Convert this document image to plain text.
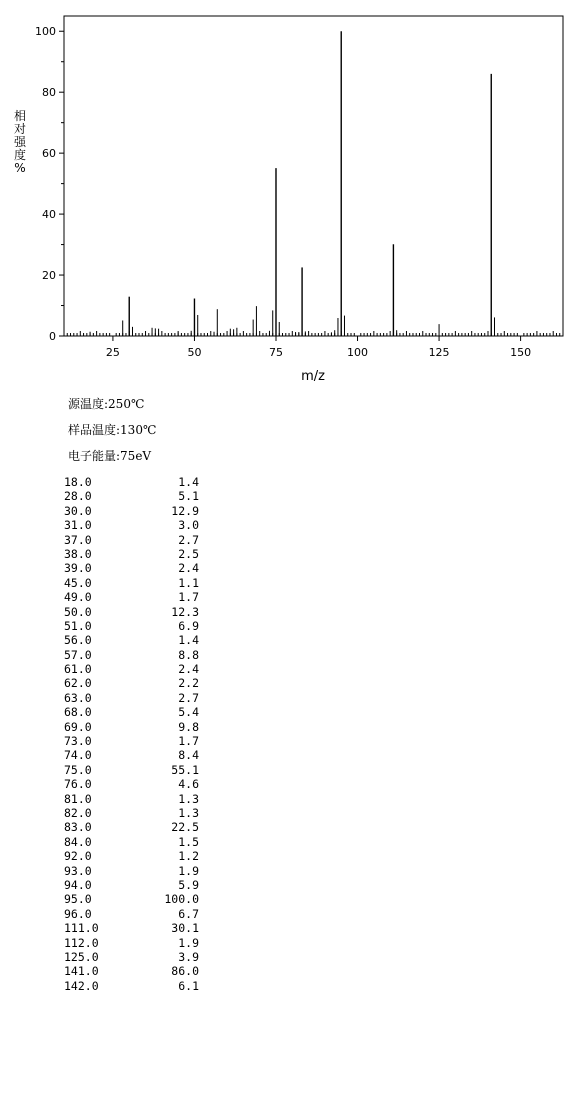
0
20
40
60
80
100
25	50	75	100	125	150
m/z
相
对
强
度
%
源温度:250℃
样品温度:130℃
电子能量:75eV
18.0	1.4
28.0	5.1
30.0	12.9
31.0	3.0
37.0	2.7
38.0	2.5
39.0	2.4
45.0	1.1
49.0	1.7
50.0	12.3
51.0	6.9
56.0	1.4
57.0	8.8
61.0	2.4
62.0	2.2
63.0	2.7
68.0	5.4
69.0	9.8
73.0	1.7
74.0	8.4
75.0	55.1
76.0	4.6
81.0	1.3
82.0	1.3
83.0	22.5
84.0	1.5
92.0	1.2
93.0	1.9
94.0	5.9
95.0	100.0
96.0	6.7
111.0	30.1
112.0	1.9
125.0	3.9
141.0	86.0
142.0	6.1
